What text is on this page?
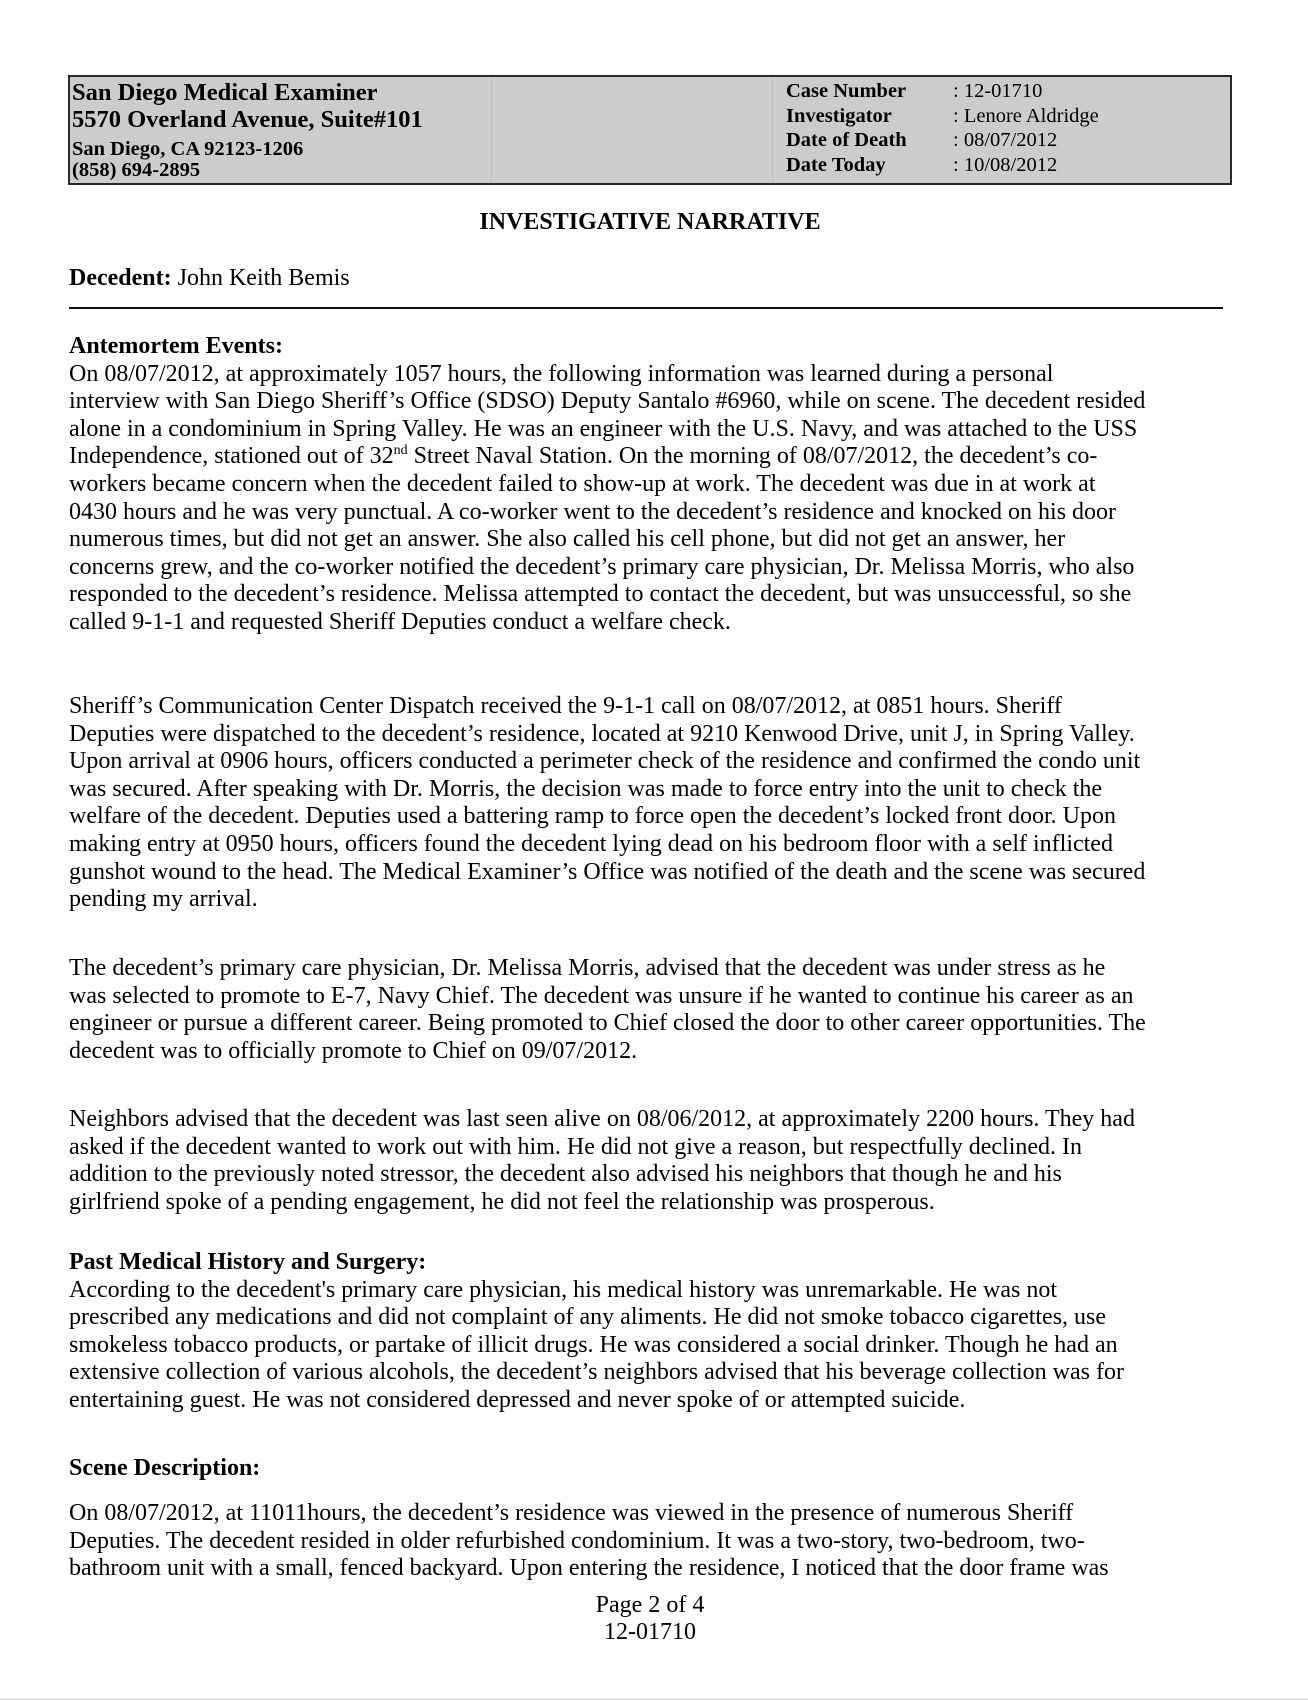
San Diego Medical Examiner
5570 Overland Avenue, Suite#101
San Diego, CA 92123-1206
(858) 694-2895
Case Number	: 12-01710
Investigator	: Lenore Aldridge
Date of Death	: 08/07/2012
Date Today	: 10/08/2012
INVESTIGATIVE NARRATIVE
Decedent: John Keith Bemis
Antemortem Events:
On 08/07/2012, at approximately 1057 hours, the following information was learned during a personal
interview with San Diego Sheriff’s Office (SDSO) Deputy Santalo #6960, while on scene. The decedent resided
alone in a condominium in Spring Valley. He was an engineer with the U.S. Navy, and was attached to the USS
Independence, stationed out of 32nd Street Naval Station. On the morning of 08/07/2012, the decedent’s co-
workers became concern when the decedent failed to show-up at work. The decedent was due in at work at
0430 hours and he was very punctual. A co-worker went to the decedent’s residence and knocked on his door
numerous times, but did not get an answer. She also called his cell phone, but did not get an answer, her
concerns grew, and the co-worker notified the decedent’s primary care physician, Dr. Melissa Morris, who also
responded to the decedent’s residence. Melissa attempted to contact the decedent, but was unsuccessful, so she
called 9-1-1 and requested Sheriff Deputies conduct a welfare check.
Sheriff’s Communication Center Dispatch received the 9-1-1 call on 08/07/2012, at 0851 hours. Sheriff
Deputies were dispatched to the decedent’s residence, located at 9210 Kenwood Drive, unit J, in Spring Valley.
Upon arrival at 0906 hours, officers conducted a perimeter check of the residence and confirmed the condo unit
was secured. After speaking with Dr. Morris, the decision was made to force entry into the unit to check the
welfare of the decedent. Deputies used a battering ramp to force open the decedent’s locked front door. Upon
making entry at 0950 hours, officers found the decedent lying dead on his bedroom floor with a self inflicted
gunshot wound to the head. The Medical Examiner’s Office was notified of the death and the scene was secured
pending my arrival.
The decedent’s primary care physician, Dr. Melissa Morris, advised that the decedent was under stress as he
was selected to promote to E-7, Navy Chief. The decedent was unsure if he wanted to continue his career as an
engineer or pursue a different career. Being promoted to Chief closed the door to other career opportunities. The
decedent was to officially promote to Chief on 09/07/2012.
Neighbors advised that the decedent was last seen alive on 08/06/2012, at approximately 2200 hours. They had
asked if the decedent wanted to work out with him. He did not give a reason, but respectfully declined. In
addition to the previously noted stressor, the decedent also advised his neighbors that though he and his
girlfriend spoke of a pending engagement, he did not feel the relationship was prosperous.
Past Medical History and Surgery:
According to the decedent's primary care physician, his medical history was unremarkable. He was not
prescribed any medications and did not complaint of any aliments. He did not smoke tobacco cigarettes, use
smokeless tobacco products, or partake of illicit drugs. He was considered a social drinker. Though he had an
extensive collection of various alcohols, the decedent’s neighbors advised that his beverage collection was for
entertaining guest. He was not considered depressed and never spoke of or attempted suicide.
Scene Description:
On 08/07/2012, at 11011hours, the decedent’s residence was viewed in the presence of numerous Sheriff
Deputies. The decedent resided in older refurbished condominium. It was a two-story, two-bedroom, two-
bathroom unit with a small, fenced backyard. Upon entering the residence, I noticed that the door frame was
Page 2 of 4
12-01710
